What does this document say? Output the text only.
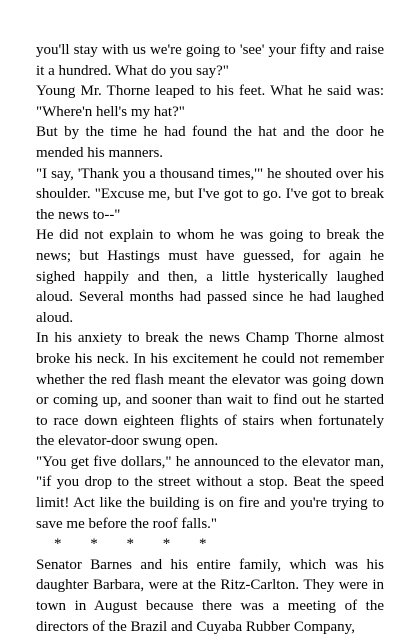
you'll stay with us we're going to 'see' your fifty and raise it a hundred. What do you say?"

Young Mr. Thorne leaped to his feet. What he said was: "Where'n hell's my hat?"

But by the time he had found the hat and the door he mended his manners.

"I say, 'Thank you a thousand times,'" he shouted over his shoulder. "Excuse me, but I've got to go. I've got to break the news to--"

He did not explain to whom he was going to break the news; but Hastings must have guessed, for again he sighed happily and then, a little hysterically laughed aloud. Several months had passed since he had laughed aloud.

In his anxiety to break the news Champ Thorne almost broke his neck. In his excitement he could not remember whether the red flash meant the elevator was going down or coming up, and sooner than wait to find out he started to race down eighteen flights of stairs when fortunately the elevator-door swung open.

"You get five dollars," he announced to the elevator man, "if you drop to the street without a stop. Beat the speed limit! Act like the building is on fire and you're trying to save me before the roof falls."

*     *     *     *     *

Senator Barnes and his entire family, which was his daughter Barbara, were at the Ritz-Carlton. They were in town in August because there was a meeting of the directors of the Brazil and Cuyaba Rubber Company,
